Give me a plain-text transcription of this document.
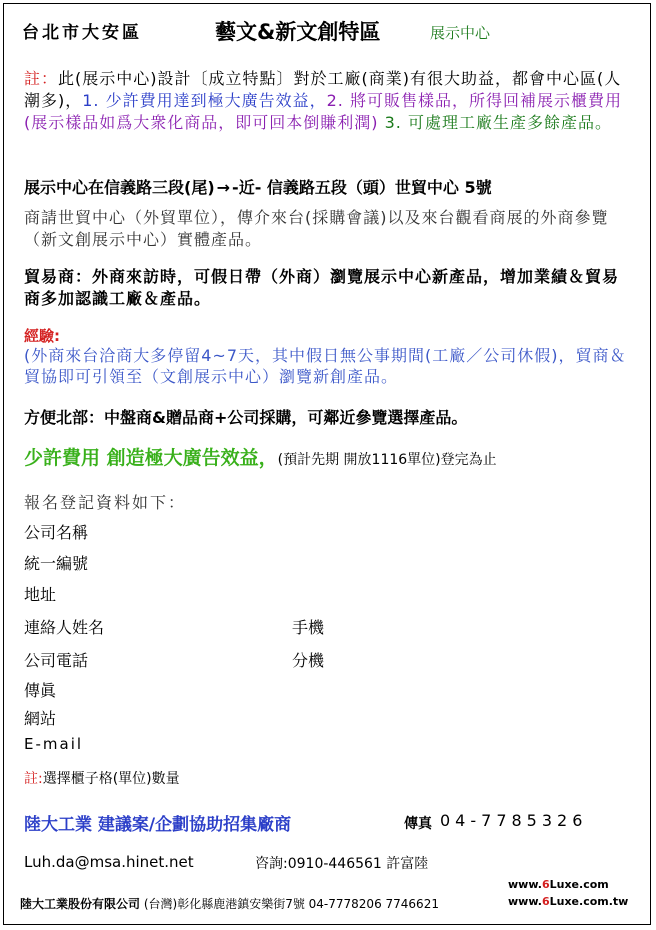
台北市大安區	藝文&新文創特區	展示中心
註：此(展示中心)設計〔成立特點〕對於工廠(商業)有很大助益，都會中心區(人潮多)，1. 少許費用達到極大廣告效益，2. 將可販售樣品，所得回補展示櫃費用(展示樣品如爲大衆化商品，即可回本倒賺利潤) 3. 可處理工廠生產多餘產品。
展示中心在信義路三段(尾) → -近- 信義路五段（頭）世貿中心 5號
商請世貿中心（外貿單位），傳介來台(採購會議)以及來台觀看商展的外商參覽（新文創展示中心）實體產品。
貿易商：外商來訪時，可假日帶（外商）瀏覽展示中心新產品，增加業績＆貿易商多加認識工廠＆產品。
經驗:
(外商來台洽商大多停留4~7天，其中假日無公事期間(工廠／公司休假)，貿商＆貿協即可引領至（文創展示中心）瀏覽新創產品。
方便北部：中盤商&贈品商+公司採購，可鄰近參覽選擇產品。
少許費用 創造極大廣告效益，(預計先期 開放1116單位)登完為止
報名登記資料如下：
公司名稱
統一編號
地址
連絡人姓名	手機
公司電話	分機
傳眞
網站
E-mail
註:選擇櫃子格(單位)數量
陸大工業 建議案/企劃協助招集廠商	傳真 04-7785326
Luh.da@msa.hinet.net	咨詢:0910-446561 許富陸
陸大工業股份有限公司 (台灣)彰化縣鹿港鎮安樂街7號 04-7778206 7746621
www.6Luxe.com
www.6Luxe.com.tw
